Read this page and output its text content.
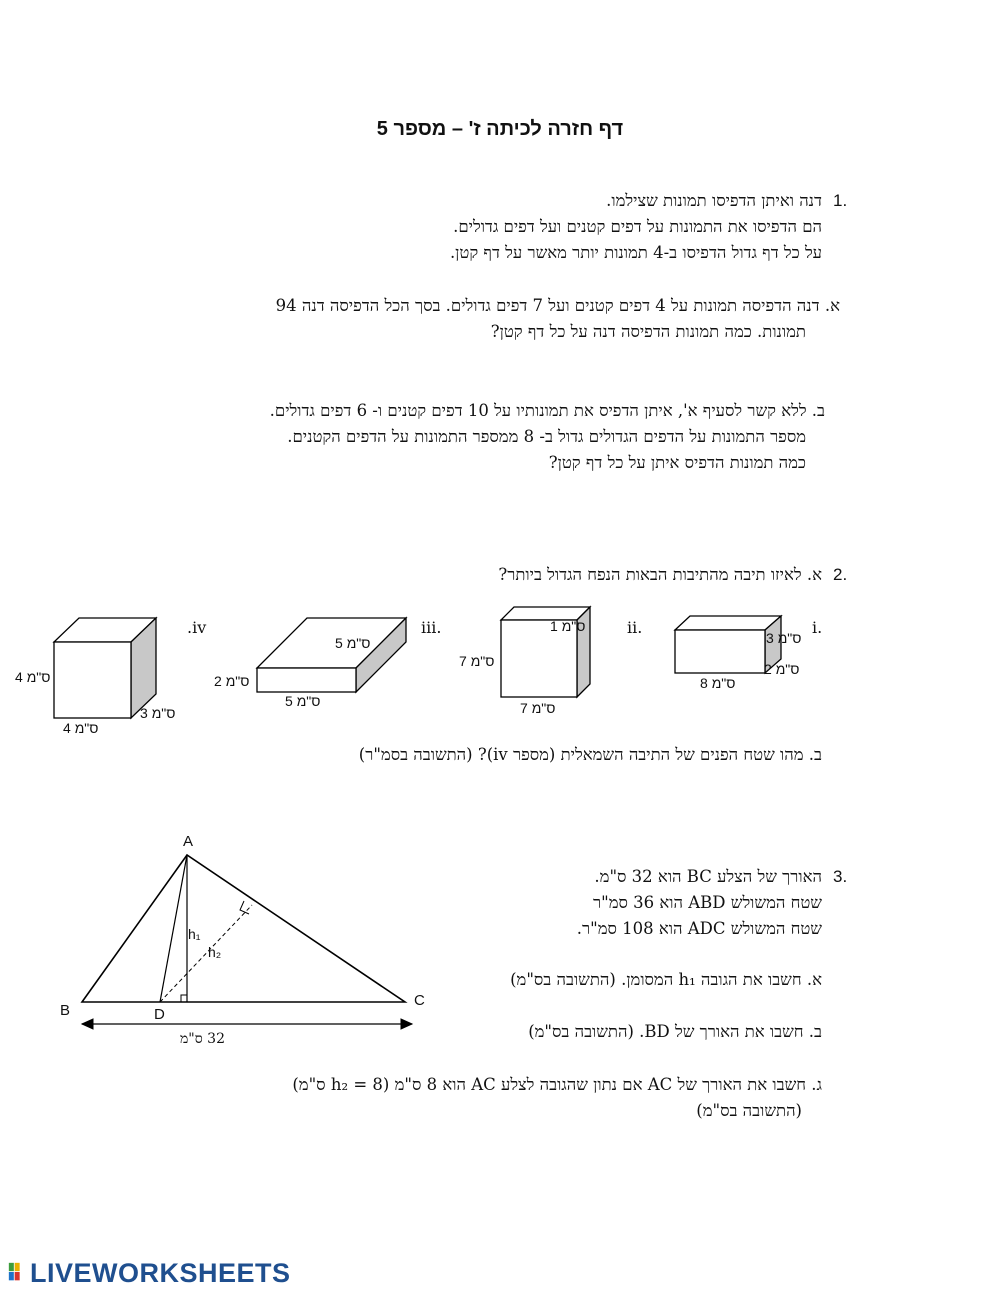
דף חזרה לכיתה ז' – מספר 5
1.
דנה ואיתן הדפיסו תמונות שצילמו.
הם הדפיסו את התמונות על דפים קטנים ועל דפים גדולים.
על כל דף גדול הדפיסו ב-4 תמונות יותר מאשר על דף קטן.
א. דנה הדפיסה תמונות על 4 דפים קטנים ועל 7 דפים גדולים. בסך הכל הדפיסה דנה 94
תמונות. כמה תמונות הדפיסה דנה על כל דף קטן?
ב. ללא קשר לסעיף א', איתן הדפיס את תמונותיו על 10 דפים קטנים ו- 6 דפים גדולים.
מספר התמונות על הדפים הגדולים גדול ב- 8 ממספר התמונות על הדפים הקטנים.
כמה תמונות הדפיס איתן על כל דף קטן?
2.
א. לאיזו תיבה מהתיבות הבאות הנפח הגדול ביותר?
i.
ii.
iii.
.iv
3 ס"מ
2 ס"מ
8 ס"מ
1 ס"מ
7 ס"מ
7 ס"מ
5 ס"מ
2 ס"מ
5 ס"מ
4 ס"מ
3 ס"מ
4 ס"מ
ב. מהו שטח הפנים של התיבה השמאלית (מספר iv)? (התשובה בסמ"ר)
3.
האורך של הצלע BC הוא 32 ס"מ.
שטח המשולש ABD הוא 36 סמ"ר
שטח המשולש ADC הוא 108 סמ"ר.
א. חשבו את הגובה h₁ המסומן. (התשובה בס"מ)
ב. חשבו את האורך של BD. (התשובה בס"מ)
ג. חשבו את האורך של AC אם נתון שהגובה לצלע AC הוא 8 ס"מ (h₂ = 8 ס"מ)
(התשובה בס"מ)
A
B
C
D
h₁
h₂
32 ס"מ
LIVEWORKSHEETS
